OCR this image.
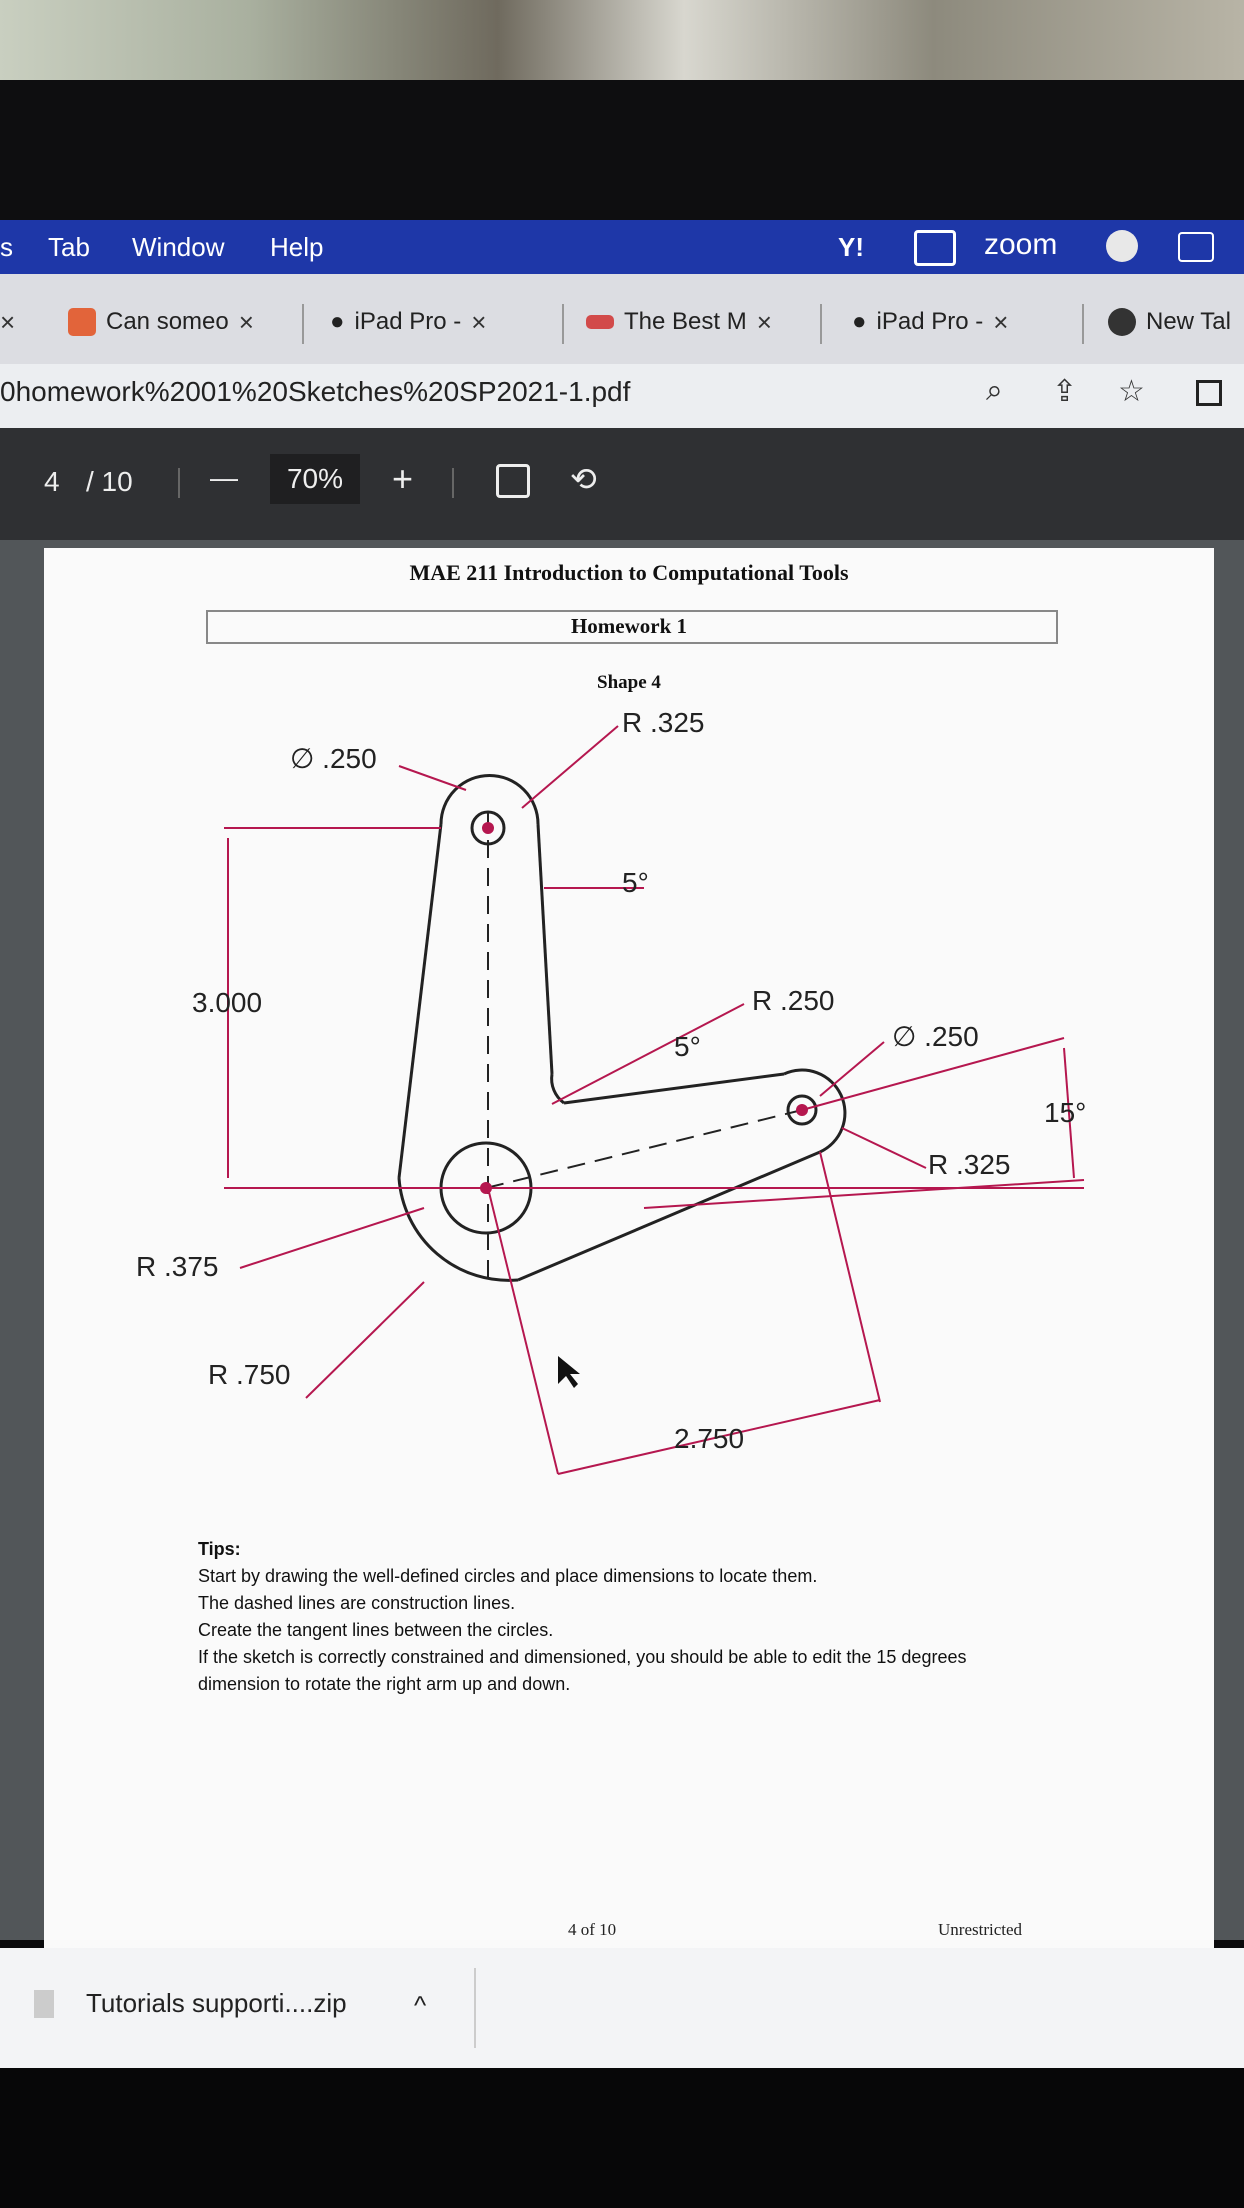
s Tab Window Help	Y!	zoom
×	Can someo ×	● iPad Pro - ×	The Best M ×	● iPad Pro - ×	New Tal
0homework%2001%20Sketches%20SP2021-1.pdf	⌕ ⇪ ☆
4 / 10	—	70%	+	⟲
MAE 211 Introduction to Computational Tools
Homework 1
Shape 4
∅ .250
R .325
5°
3.000	R .250
5°	∅ .250
15°
R .325
R .375
R .750
2.750
Tips:
Start by drawing the well-defined circles and place dimensions to locate them.
The dashed lines are construction lines.
Create the tangent lines between the circles.
If the sketch is correctly constrained and dimensioned, you should be able to edit the 15 degrees
dimension to rotate the right arm up and down.
4 of 10	Unrestricted
Tutorials supporti....zip	^
